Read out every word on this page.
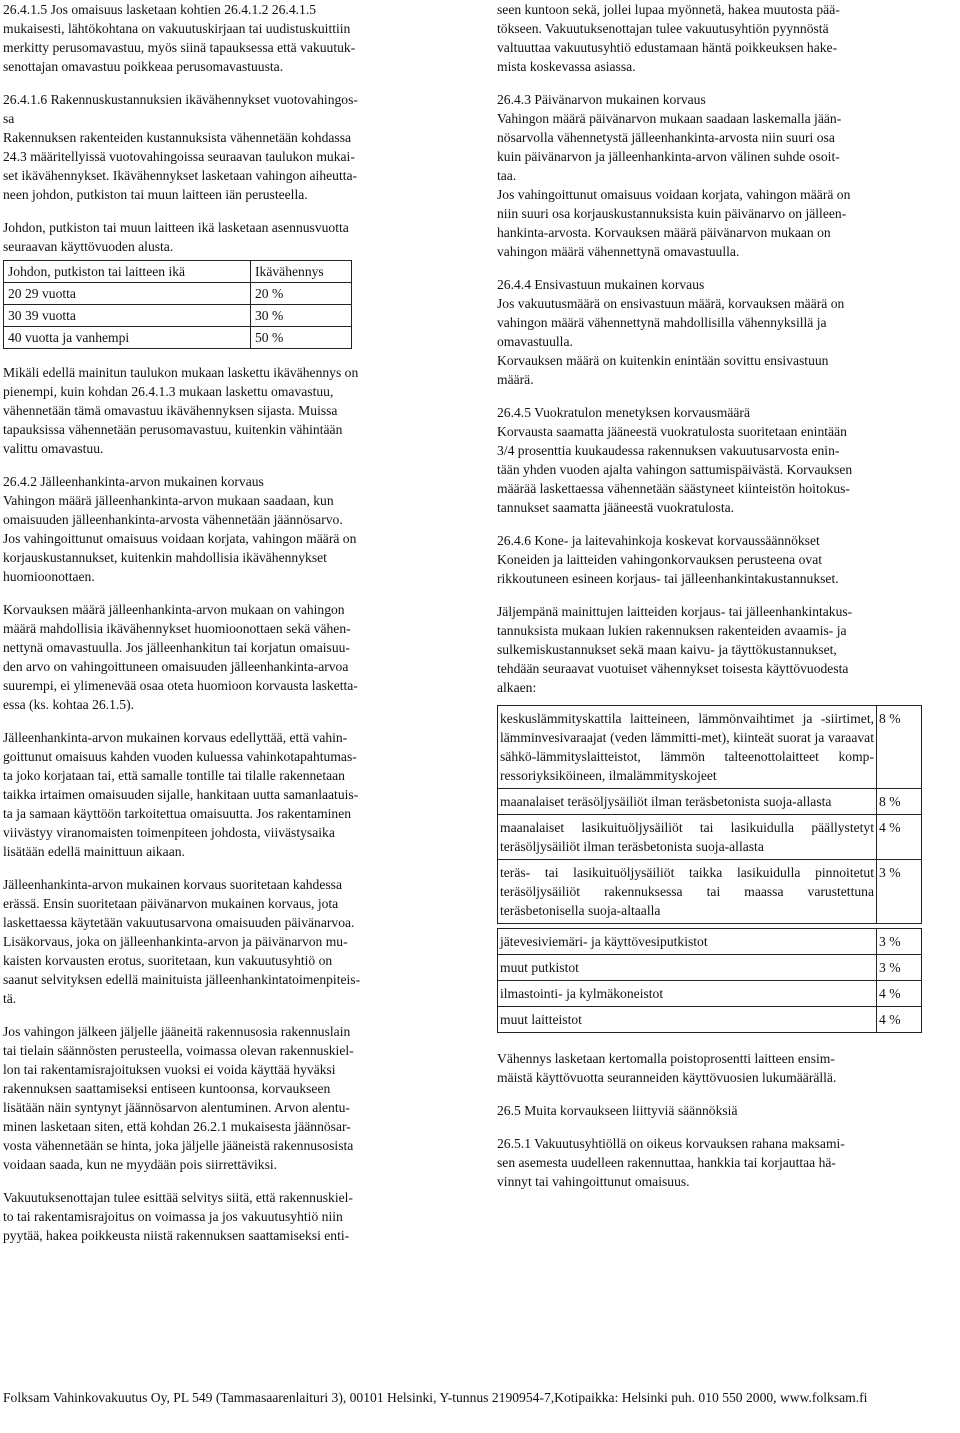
26.4.1.5 Jos omaisuus lasketaan kohtien 26.4.1.2 26.4.1.5
mukaisesti, lähtökohtana on vakuutuskirjaan tai uudistuskuittiin
merkitty perusomavastuu, myös siinä tapauksessa että vakuutuk-
senottajan omavastuu poikkeaa perusomavastuusta.
26.4.1.6 Rakennuskustannuksien ikävähennykset vuotovahingos-
sa
Rakennuksen rakenteiden kustannuksista vähennetään kohdassa
24.3 määritellyissä vuotovahingoissa seuraavan taulukon mukai-
set ikävähennykset. Ikävähennykset lasketaan vahingon aiheutta-
neen johdon, putkiston tai muun laitteen iän perusteella.
Johdon, putkiston tai muun laitteen ikä lasketaan asennusvuotta
seuraavan käyttövuoden alusta.
Johdon, putkiston tai laitteen ikä	Ikävähennys
20 29 vuotta	20 %
30 39 vuotta	30 %
40 vuotta ja vanhempi	50 %
Mikäli edellä mainitun taulukon mukaan laskettu ikävähennys on
pienempi, kuin kohdan 26.4.1.3 mukaan laskettu omavastuu,
vähennetään tämä omavastuu ikävähennyksen sijasta. Muissa
tapauksissa vähennetään perusomavastuu, kuitenkin vähintään
valittu omavastuu.
26.4.2 Jälleenhankinta-arvon mukainen korvaus
Vahingon määrä jälleenhankinta-arvon mukaan saadaan, kun
omaisuuden jälleenhankinta-arvosta vähennetään jäännösarvo.
Jos vahingoittunut omaisuus voidaan korjata, vahingon määrä on
korjauskustannukset, kuitenkin mahdollisia ikävähennykset
huomioonottaen.
Korvauksen määrä jälleenhankinta-arvon mukaan on vahingon
määrä mahdollisia ikävähennykset huomioonottaen sekä vähen-
nettynä omavastuulla. Jos jälleenhankitun tai korjatun omaisuu-
den arvo on vahingoittuneen omaisuuden jälleenhankinta-arvoa
suurempi, ei ylimenevää osaa oteta huomioon korvausta lasketta-
essa (ks. kohtaa 26.1.5).
Jälleenhankinta-arvon mukainen korvaus edellyttää, että vahin-
goittunut omaisuus kahden vuoden kuluessa vahinkotapahtumas-
ta joko korjataan tai, että samalle tontille tai tilalle rakennetaan
taikka irtaimen omaisuuden sijalle, hankitaan uutta samanlaatuis-
ta ja samaan käyttöön tarkoitettua omaisuutta. Jos rakentaminen
viivästyy viranomaisten toimenpiteen johdosta, viivästysaika
lisätään edellä mainittuun aikaan.
Jälleenhankinta-arvon mukainen korvaus suoritetaan kahdessa
erässä. Ensin suoritetaan päivänarvon mukainen korvaus, jota
laskettaessa käytetään vakuutusarvona omaisuuden päivänarvoa.
Lisäkorvaus, joka on jälleenhankinta-arvon ja päivänarvon mu-
kaisten korvausten erotus, suoritetaan, kun vakuutusyhtiö on
saanut selvityksen edellä mainituista jälleenhankintatoimenpiteis-
tä.
Jos vahingon jälkeen jäljelle jääneitä rakennusosia rakennuslain
tai tielain säännösten perusteella, voimassa olevan rakennuskiel-
lon tai rakentamisrajoituksen vuoksi ei voida käyttää hyväksi
rakennuksen saattamiseksi entiseen kuntoonsa, korvaukseen
lisätään näin syntynyt jäännösarvon alentuminen. Arvon alentu-
minen lasketaan siten, että kohdan 26.2.1 mukaisesta jäännösar-
vosta vähennetään se hinta, joka jäljelle jääneistä rakennusosista
voidaan saada, kun ne myydään pois siirrettäviksi.
Vakuutuksenottajan tulee esittää selvitys siitä, että rakennuskiel-
to tai rakentamisrajoitus on voimassa ja jos vakuutusyhtiö niin
pyytää, hakea poikkeusta niistä rakennuksen saattamiseksi enti-
seen kuntoon sekä, jollei lupaa myönnetä, hakea muutosta pää-
tökseen. Vakuutuksenottajan tulee vakuutusyhtiön pyynnöstä
valtuuttaa vakuutusyhtiö edustamaan häntä poikkeuksen hake-
mista koskevassa asiassa.
26.4.3 Päivänarvon mukainen korvaus
Vahingon määrä päivänarvon mukaan saadaan laskemalla jään-
nösarvolla vähennetystä jälleenhankinta-arvosta niin suuri osa
kuin päivänarvon ja jälleenhankinta-arvon välinen suhde osoit-
taa.
Jos vahingoittunut omaisuus voidaan korjata, vahingon määrä on
niin suuri osa korjauskustannuksista kuin päivänarvo on jälleen-
hankinta-arvosta. Korvauksen määrä päivänarvon mukaan on
vahingon määrä vähennettynä omavastuulla.
26.4.4 Ensivastuun mukainen korvaus
Jos vakuutusmäärä on ensivastuun määrä, korvauksen määrä on
vahingon määrä vähennettynä mahdollisilla vähennyksillä ja
omavastuulla.
Korvauksen määrä on kuitenkin enintään sovittu ensivastuun
määrä.
26.4.5 Vuokratulon menetyksen korvausmäärä
Korvausta saamatta jääneestä vuokratulosta suoritetaan enintään
3/4 prosenttia kuukaudessa rakennuksen vakuutusarvosta enin-
tään yhden vuoden ajalta vahingon sattumispäivästä. Korvauksen
määrää laskettaessa vähennetään säästyneet kiinteistön hoitokus-
tannukset saamatta jääneestä vuokratulosta.
26.4.6 Kone- ja laitevahinkoja koskevat korvaussäännökset
Koneiden ja laitteiden vahingonkorvauksen perusteena ovat
rikkoutuneen esineen korjaus- tai jälleenhankintakustannukset.
Jäljempänä mainittujen laitteiden korjaus- tai jälleenhankintakus-
tannuksista mukaan lukien rakennuksen rakenteiden avaamis- ja
sulkemiskustannukset sekä maan kaivu- ja täyttökustannukset,
tehdään seuraavat vuotuiset vähennykset toisesta käyttövuodesta
alkaen:
keskuslämmityskattila laitteineen, lämmönvaihtimet ja -siirtimet, lämminvesivaraajat (veden lämmitti-met), kiinteät suorat ja varaavat sähkö-lämmityslaitteistot, lämmön talteenottolaitteet komp-ressoriyksiköineen, ilmalämmityskojeet	8 %
maanalaiset teräsöljysäiliöt ilman teräsbetonista suoja-allasta	8 %
maanalaiset lasikuituöljysäiliöt tai lasikuidulla päällystetyt teräsöljysäiliöt ilman teräsbetonista suoja-allasta	4 %
teräs- tai lasikuituöljysäiliöt taikka lasikuidulla pinnoitetut teräsöljysäiliöt rakennuksessa tai maassa varustettuna teräsbetonisella suoja-altaalla	3 %

jätevesiviemäri- ja käyttövesiputkistot	3 %
muut putkistot	3 %
ilmastointi- ja kylmäkoneistot	4 %
muut laitteistot	4 %
Vähennys lasketaan kertomalla poistoprosentti laitteen ensim-
mäistä käyttövuotta seuranneiden käyttövuosien lukumäärällä.
26.5 Muita korvaukseen liittyviä säännöksiä
26.5.1 Vakuutusyhtiöllä on oikeus korvauksen rahana maksami-
sen asemesta uudelleen rakennuttaa, hankkia tai korjauttaa hä-
vinnyt tai vahingoittunut omaisuus.
Folksam Vahinkovakuutus Oy, PL 549 (Tammasaarenlaituri 3), 00101 Helsinki, Y-tunnus 2190954-7,Kotipaikka: Helsinki puh. 010 550 2000, www.folksam.fi
